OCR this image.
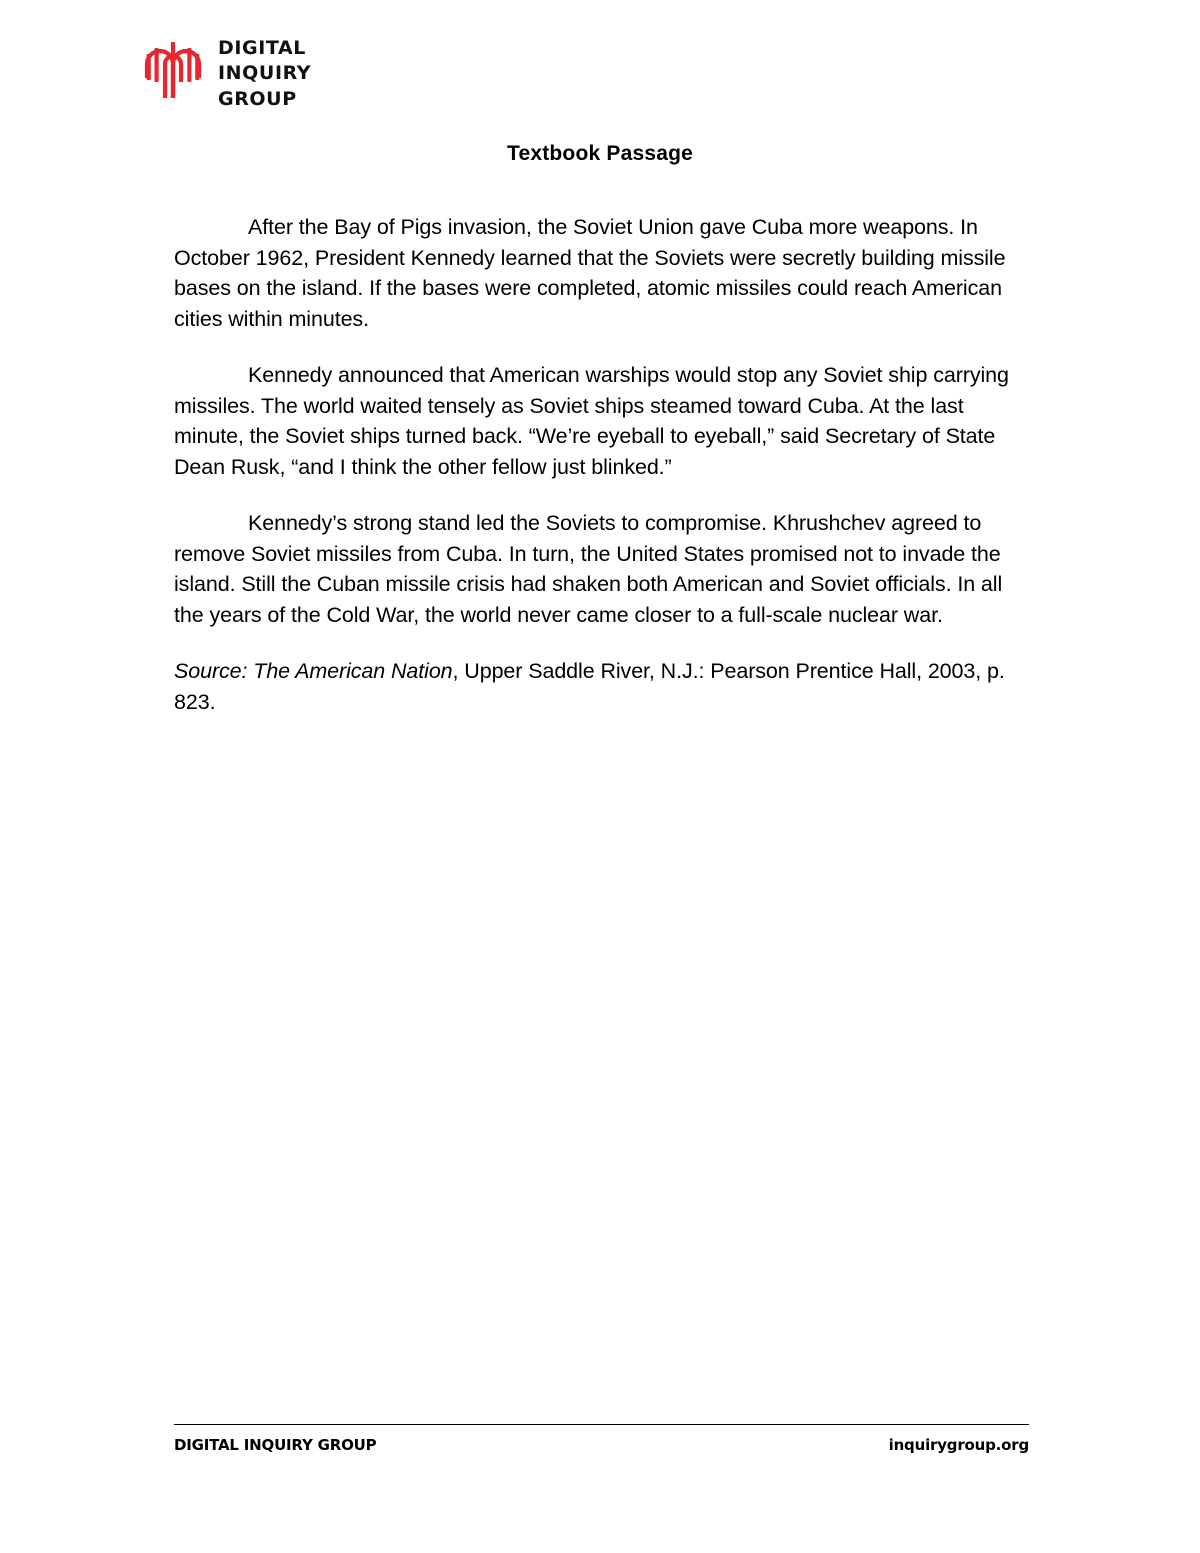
DIGITAL
INQUIRY
GROUP
Textbook Passage

After the Bay of Pigs invasion, the Soviet Union gave Cuba more weapons. In October 1962, President Kennedy learned that the Soviets were secretly building missile bases on the island. If the bases were completed, atomic missiles could reach American cities within minutes.

Kennedy announced that American warships would stop any Soviet ship carrying missiles. The world waited tensely as Soviet ships steamed toward Cuba. At the last minute, the Soviet ships turned back. “We’re eyeball to eyeball,” said Secretary of State Dean Rusk, “and I think the other fellow just blinked.”

Kennedy’s strong stand led the Soviets to compromise. Khrushchev agreed to remove Soviet missiles from Cuba. In turn, the United States promised not to invade the island. Still the Cuban missile crisis had shaken both American and Soviet officials. In all the years of the Cold War, the world never came closer to a full-scale nuclear war.

Source: The American Nation, Upper Saddle River, N.J.: Pearson Prentice Hall, 2003, p. 823.

DIGITAL INQUIRY GROUP	inquirygroup.org
